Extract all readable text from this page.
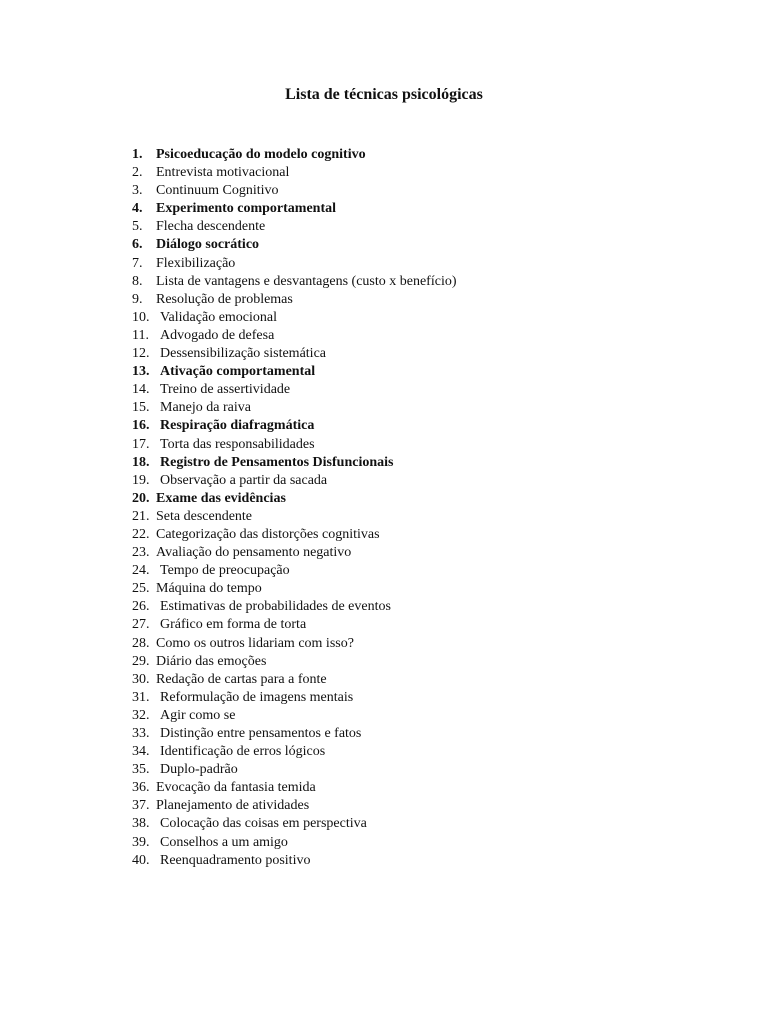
Lista de técnicas psicológicas
1. Psicoeducação do modelo cognitivo
2. Entrevista motivacional
3. Continuum Cognitivo
4. Experimento comportamental
5. Flecha descendente
6. Diálogo socrático
7. Flexibilização
8. Lista de vantagens e desvantagens (custo x benefício)
9. Resolução de problemas
10. Validação emocional
11. Advogado de defesa
12. Dessensibilização sistemática
13. Ativação comportamental
14. Treino de assertividade
15. Manejo da raiva
16. Respiração diafragmática
17. Torta das responsabilidades
18. Registro de Pensamentos Disfuncionais
19. Observação a partir da sacada
20. Exame das evidências
21. Seta descendente
22. Categorização das distorções cognitivas
23. Avaliação do pensamento negativo
24. Tempo de preocupação
25. Máquina do tempo
26. Estimativas de probabilidades de eventos
27. Gráfico em forma de torta
28. Como os outros lidariam com isso?
29. Diário das emoções
30. Redação de cartas para a fonte
31. Reformulação de imagens mentais
32. Agir como se
33. Distinção entre pensamentos e fatos
34. Identificação de erros lógicos
35. Duplo-padrão
36. Evocação da fantasia temida
37. Planejamento de atividades
38. Colocação das coisas em perspectiva
39. Conselhos a um amigo
40. Reenquadramento positivo
